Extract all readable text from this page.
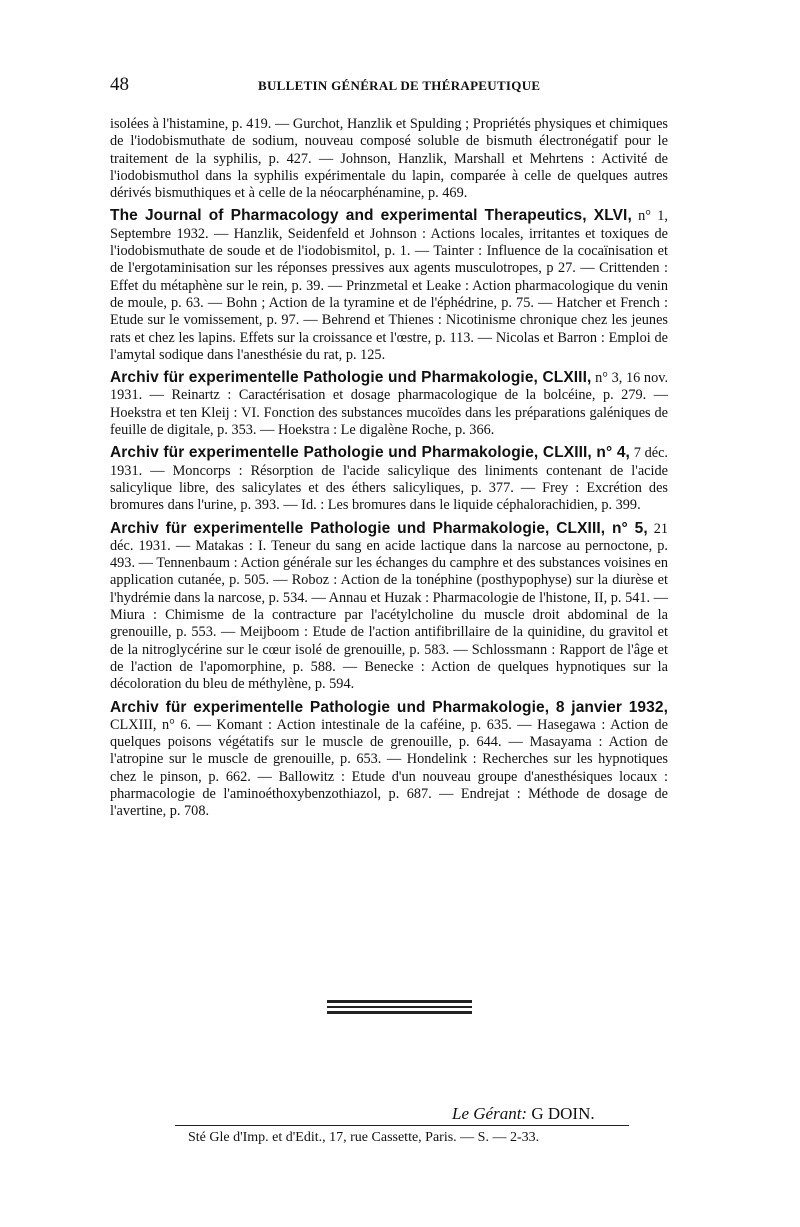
48	BULLETIN GÉNÉRAL DE THÉRAPEUTIQUE

isolées à l'histamine, p. 419. — Gurchot, Hanzlik et Spulding ; Propriétés physiques et chimiques de l'iodobismuthate de sodium, nouveau composé soluble de bismuth électronégatif pour le traitement de la syphilis, p. 427. — Johnson, Hanzlik, Marshall et Mehrtens : Activité de l'iodobismuthol dans la syphilis expérimentale du lapin, comparée à celle de quelques autres dérivés bismuthiques et à celle de la néocarphénamine, p. 469.

The Journal of Pharmacology and experimental Therapeutics, XLVI, n° 1, Septembre 1932. — Hanzlik, Seidenfeld et Johnson : Actions locales, irritantes et toxiques de l'iodobismuthate de soude et de l'iodobismitol, p. 1. — Tainter : Influence de la cocaïnisation et de l'ergotaminisation sur les réponses pressives aux agents musculotropes, p 27. — Crittenden : Effet du métaphène sur le rein, p. 39. — Prinzmetal et Leake : Action pharmacologique du venin de moule, p. 63. — Bohn ; Action de la tyramine et de l'éphédrine, p. 75. — Hatcher et French : Etude sur le vomissement, p. 97. — Behrend et Thienes : Nicotinisme chronique chez les jeunes rats et chez les lapins. Effets sur la croissance et l'œstre, p. 113. — Nicolas et Barron : Emploi de l'amytal sodique dans l'anesthésie du rat, p. 125.

Archiv für experimentelle Pathologie und Pharmakologie, CLXIII, n° 3, 16 nov. 1931. — Reinartz : Caractérisation et dosage pharmacologique de la bolcéine, p. 279. — Hoekstra et ten Kleij : VI. Fonction des substances mucoïdes dans les préparations galéniques de feuille de digitale, p. 353. — Hoekstra : Le digalène Roche, p. 366.

Archiv für experimentelle Pathologie und Pharmakologie, CLXIII, n° 4, 7 déc. 1931. — Moncorps : Résorption de l'acide salicylique des liniments contenant de l'acide salicylique libre, des salicylates et des éthers salicyliques, p. 377. — Frey : Excrétion des bromures dans l'urine, p. 393. — Id. : Les bromures dans le liquide céphalorachidien, p. 399.

Archiv für experimentelle Pathologie und Pharmakologie, CLXIII, n° 5, 21 déc. 1931. — Matakas : I. Teneur du sang en acide lactique dans la narcose au pernoctone, p. 493. — Tennenbaum : Action générale sur les échanges du camphre et des substances voisines en application cutanée, p. 505. — Roboz : Action de la tonéphine (posthypophyse) sur la diurèse et l'hydrémie dans la narcose, p. 534. — Annau et Huzak : Pharmacologie de l'histone, II, p. 541. — Miura : Chimisme de la contracture par l'acétylcholine du muscle droit abdominal de la grenouille, p. 553. — Meijboom : Etude de l'action antifibrillaire de la quinidine, du gravitol et de la nitroglycérine sur le cœur isolé de grenouille, p. 583. — Schlossmann : Rapport de l'âge et de l'action de l'apomorphine, p. 588. — Benecke : Action de quelques hypnotiques sur la décoloration du bleu de méthylène, p. 594.

Archiv für experimentelle Pathologie und Pharmakologie, 8 janvier 1932, CLXIII, n° 6. — Komant : Action intestinale de la caféine, p. 635. — Hasegawa : Action de quelques poisons végétatifs sur le muscle de grenouille, p. 644. — Masayama : Action de l'atropine sur le muscle de grenouille, p. 653. — Hondelink : Recherches sur les hypnotiques chez le pinson, p. 662. — Ballowitz : Etude d'un nouveau groupe d'anesthésiques locaux : pharmacologie de l'aminoéthoxybenzothiazol, p. 687. — Endrejat : Méthode de dosage de l'avertine, p. 708.

Le Gérant: G DOIN.
Sté Gle d'Imp. et d'Edit., 17, rue Cassette, Paris. — S. — 2-33.
